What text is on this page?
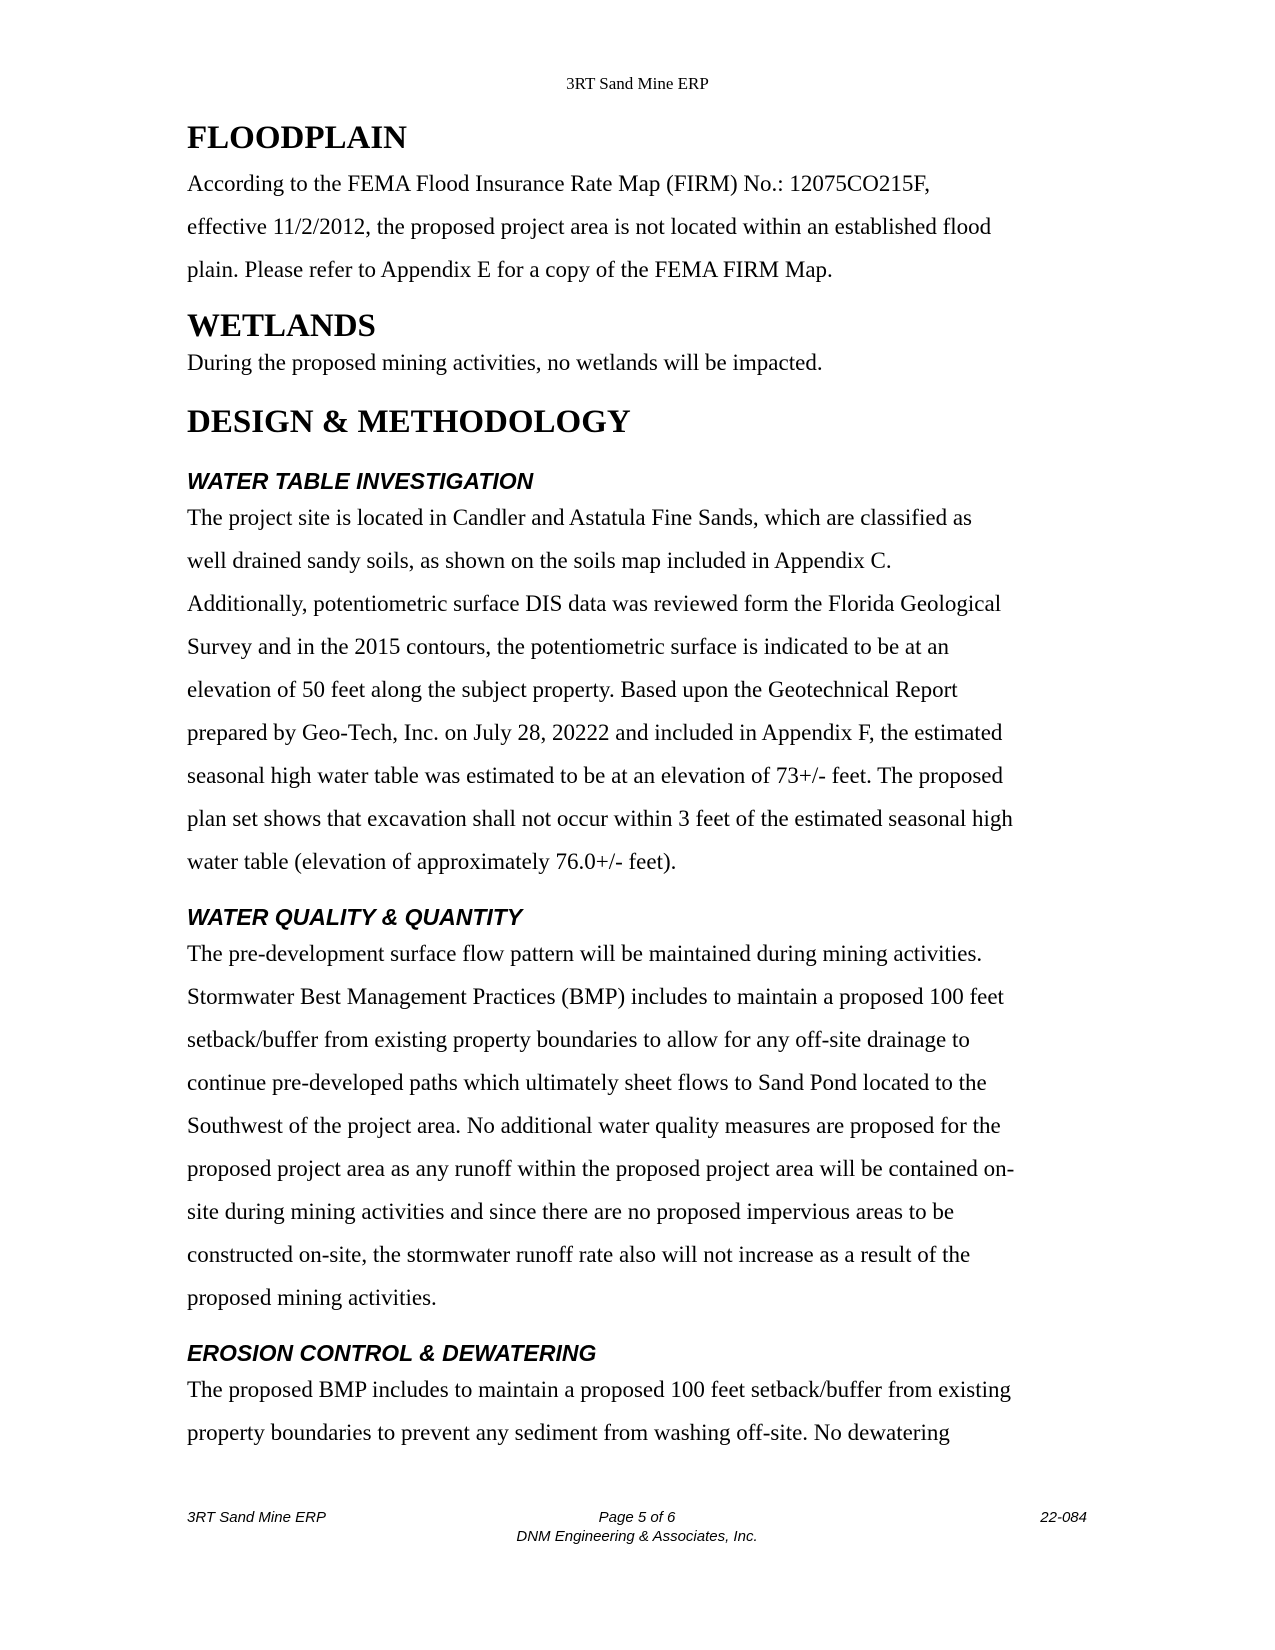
3RT Sand Mine ERP
FLOODPLAIN
According to the FEMA Flood Insurance Rate Map (FIRM) No.: 12075CO215F,
effective 11/2/2012, the proposed project area is not located within an established flood
plain. Please refer to Appendix E for a copy of the FEMA FIRM Map.
WETLANDS
During the proposed mining activities, no wetlands will be impacted.
DESIGN & METHODOLOGY
WATER TABLE INVESTIGATION
The project site is located in Candler and Astatula Fine Sands, which are classified as
well drained sandy soils, as shown on the soils map included in Appendix C.
Additionally, potentiometric surface DIS data was reviewed form the Florida Geological
Survey and in the 2015 contours, the potentiometric surface is indicated to be at an
elevation of 50 feet along the subject property. Based upon the Geotechnical Report
prepared by Geo-Tech, Inc. on July 28, 20222 and included in Appendix F, the estimated
seasonal high water table was estimated to be at an elevation of 73+/- feet. The proposed
plan set shows that excavation shall not occur within 3 feet of the estimated seasonal high
water table (elevation of approximately 76.0+/- feet).
WATER QUALITY & QUANTITY
The pre-development surface flow pattern will be maintained during mining activities.
Stormwater Best Management Practices (BMP) includes to maintain a proposed 100 feet
setback/buffer from existing property boundaries to allow for any off-site drainage to
continue pre-developed paths which ultimately sheet flows to Sand Pond located to the
Southwest of the project area. No additional water quality measures are proposed for the
proposed project area as any runoff within the proposed project area will be contained on-
site during mining activities and since there are no proposed impervious areas to be
constructed on-site, the stormwater runoff rate also will not increase as a result of the
proposed mining activities.
EROSION CONTROL & DEWATERING
The proposed BMP includes to maintain a proposed 100 feet setback/buffer from existing
property boundaries to prevent any sediment from washing off-site. No dewatering
3RT Sand Mine ERP	Page 5 of 6
DNM Engineering & Associates, Inc.
22-084
